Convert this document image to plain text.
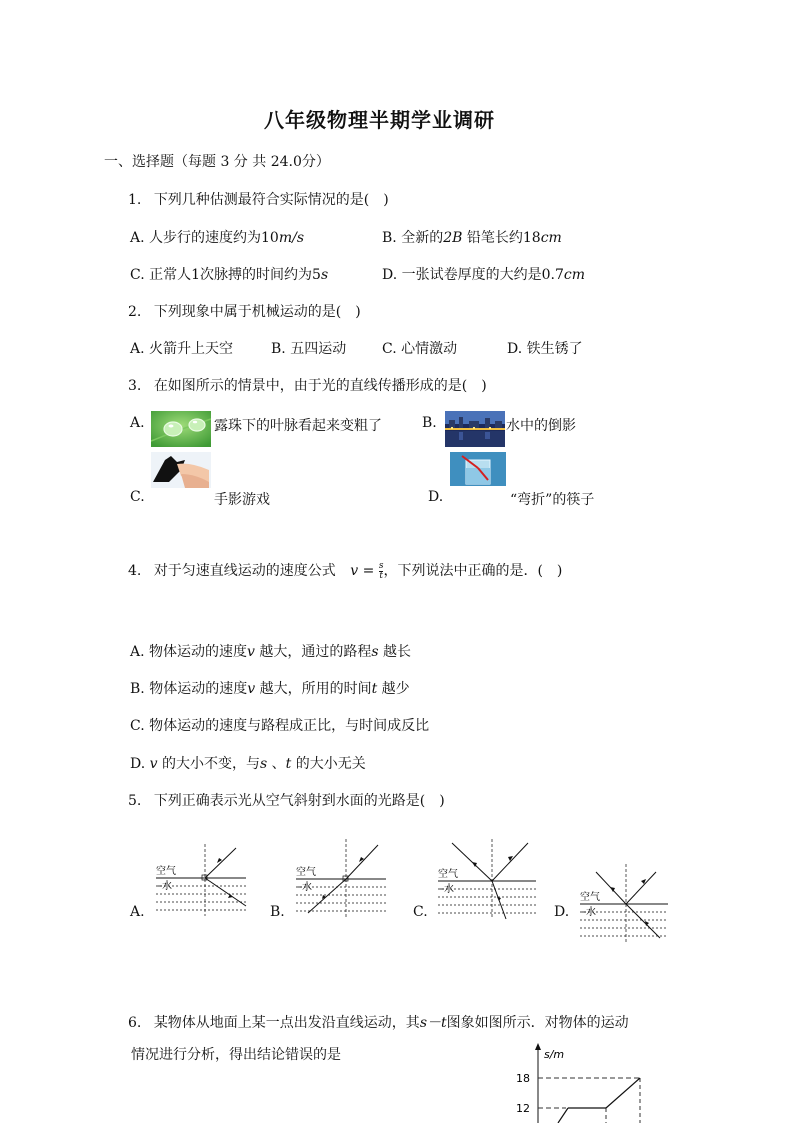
八年级物理半期学业调研
一、选择题（每题 3 分 共 24.0分）
1. 下列几种估测最符合实际情况的是(　)
A. 人步行的速度约为10m/s	B. 全新的2B 铅笔长约18cm
C. 正常人1次脉搏的时间约为5s	D. 一张试卷厚度的大约是0.7cm
2. 下列现象中属于机械运动的是(　)
A. 火箭升上天空	B. 五四运动	C. 心情激动	D. 铁生锈了
3. 在如图所示的情景中，由于光的直线传播形成的是(　)
A.	露珠下的叶脉看起来变粗了	B.	水中的倒影
C.	手影游戏	D.	“弯折”的筷子
4. 对于匀速直线运动的速度公式 $v = \frac{s}{t}$ ，下列说法中正确的是．(　)
A. 物体运动的速度v 越大，通过的路程s 越长
B. 物体运动的速度v 越大，所用的时间t 越少
C. 物体运动的速度与路程成正比，与时间成反比
D. v 的大小不变，与s 、t 的大小无关
5. 下列正确表示光从空气斜射到水面的光路是(　)
A.
空气
水
B.
空气
水
C.
空气
水
D.
空气
水
6. 某物体从地面上某一点出发沿直线运动，其s－t图象如图所示．对物体的运动
情况进行分析，得出结论错误的是	s/m
18
12
